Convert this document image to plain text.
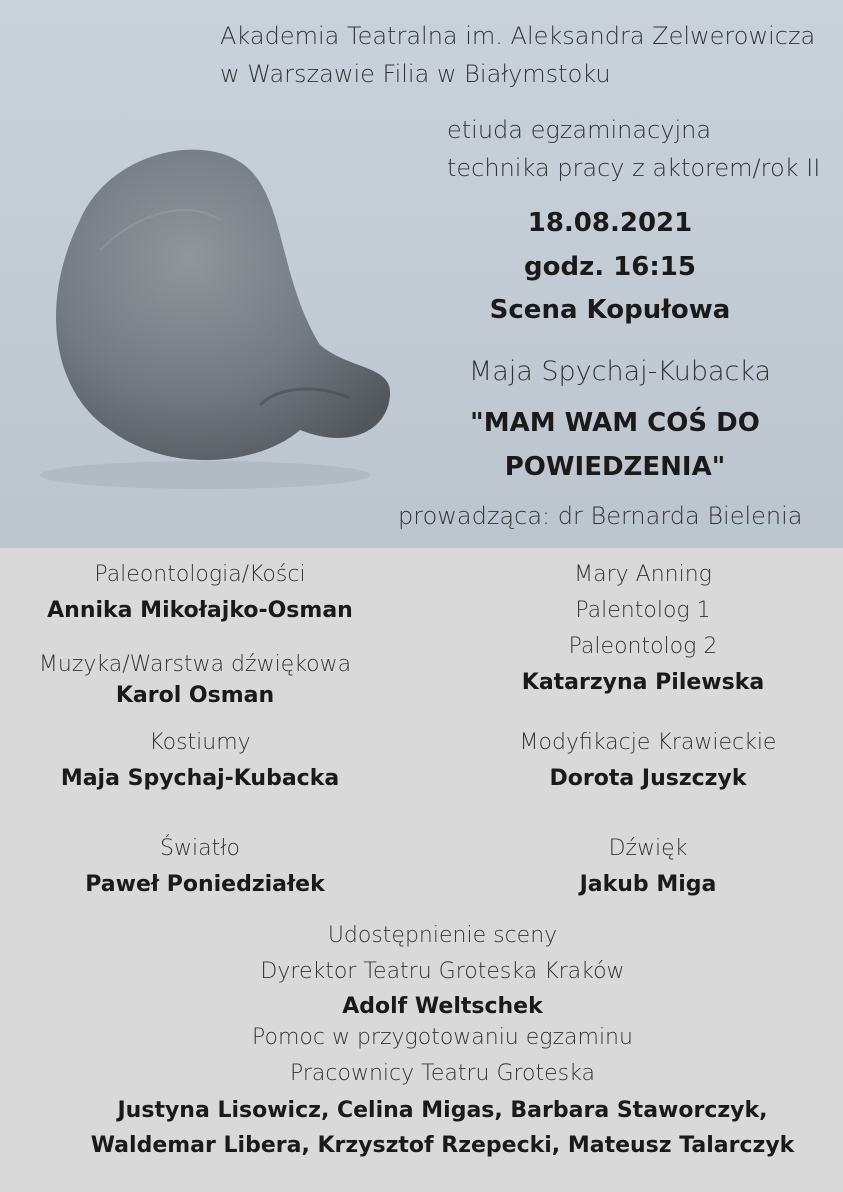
Akademia Teatralna im. Aleksandra Zelwerowicza
w Warszawie Filia w Białymstoku
etiuda egzaminacyjna
technika pracy z aktorem/rok II
18.08.2021
godz. 16:15
Scena Kopułowa
Maja Spychaj-Kubacka
"MAM WAM COŚ DO
POWIEDZENIA"
prowadząca: dr Bernarda Bielenia
Paleontologia/Kości
Annika Mikołajko-Osman
Muzyka/Warstwa dźwiękowa
Karol Osman
Kostiumy
Maja Spychaj-Kubacka
Światło
Paweł Poniedziałek
Mary Anning
Palentolog 1
Paleontolog 2
Katarzyna Pilewska
Modyfikacje Krawieckie
Dorota Juszczyk
Dźwięk
Jakub Miga
Udostępnienie sceny
Dyrektor Teatru Groteska Kraków
Adolf Weltschek
Pomoc w przygotowaniu egzaminu
Pracownicy Teatru Groteska
Justyna Lisowicz, Celina Migas, Barbara Staworczyk,
Waldemar Libera, Krzysztof Rzepecki, Mateusz Talarczyk
